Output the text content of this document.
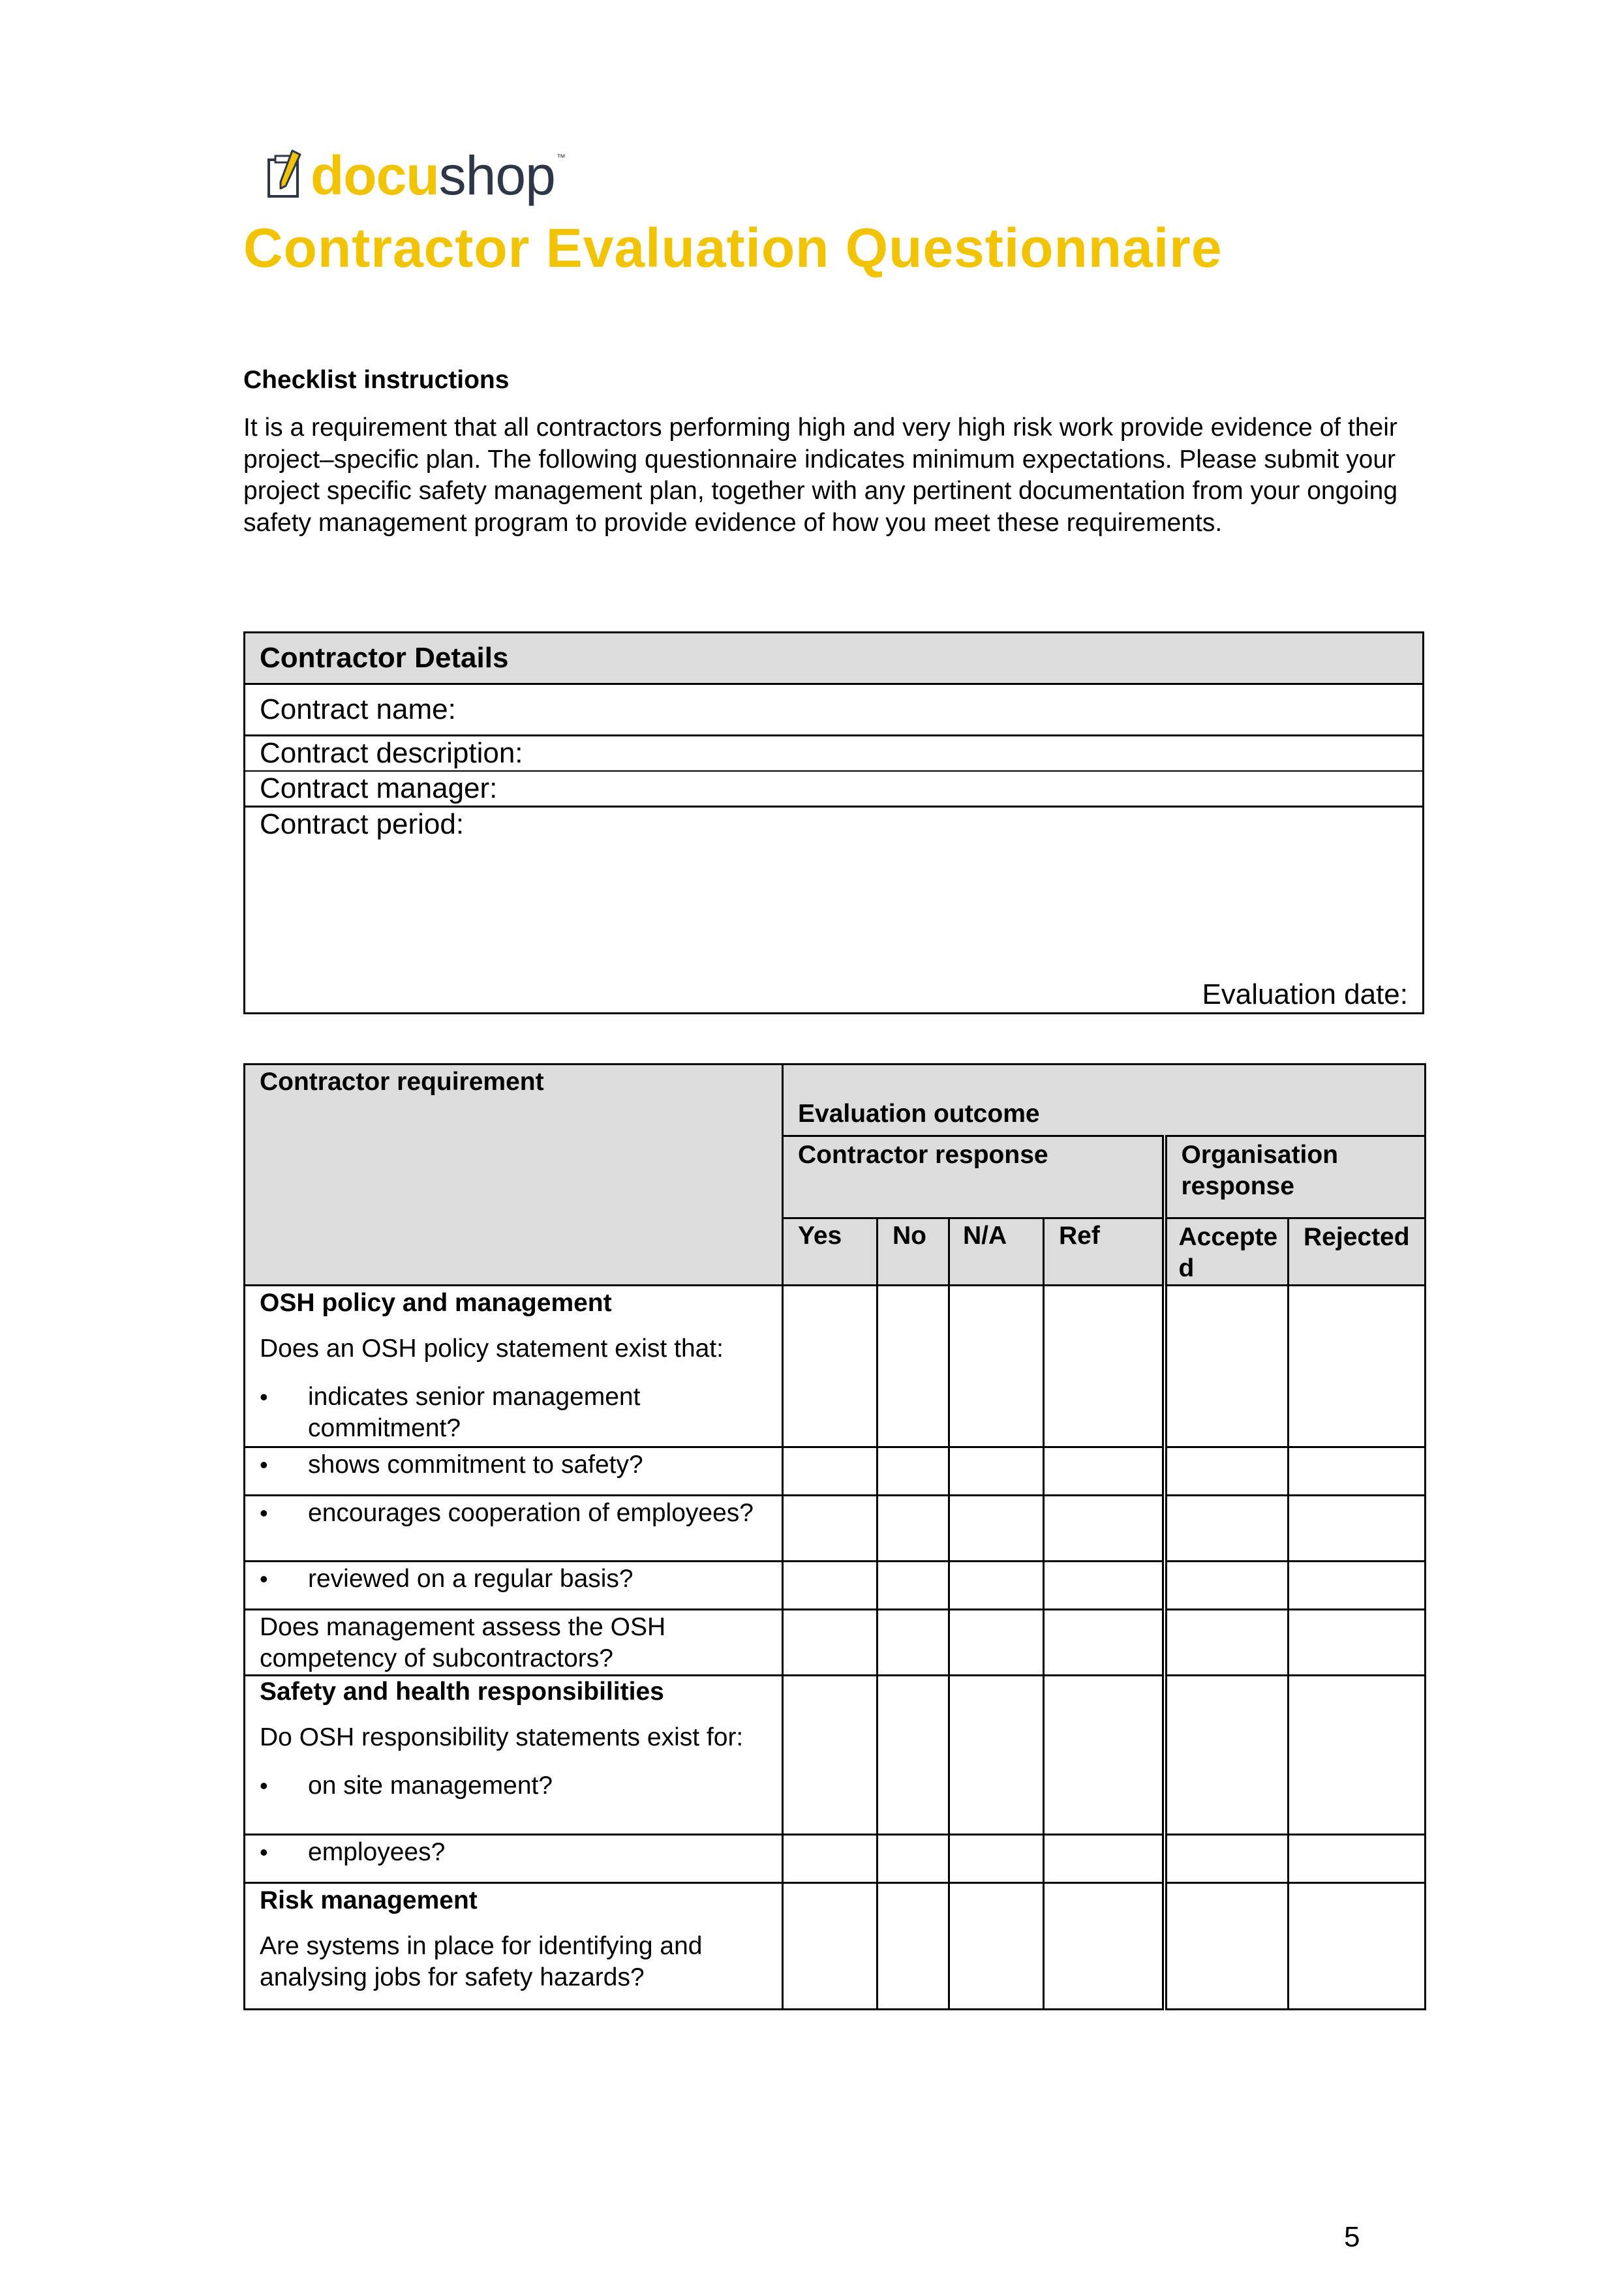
docushop ™
Contractor Evaluation Questionnaire
Checklist instructions

It is a requirement that all contractors performing high and very high risk work provide evidence of their project–specific plan. The following questionnaire indicates minimum expectations. Please submit your project specific safety management plan, together with any pertinent documentation from your ongoing safety management program to provide evidence of how you meet these requirements.

Contractor Details
Contract name:
Contract description:
Contract manager:
Contract period:
Evaluation date:
Contractor requirement	Evaluation outcome					
	Contractor response				Organisation response	
	Yes	No	N/A	Ref	Accepte d	Rejected

OSH policy and management
Does an OSH policy statement exist that:
• indicates senior management commitment?

• shows commitment to safety?

• encourages cooperation of employees?

• reviewed on a regular basis?

Does management assess the OSH competency of subcontractors?						

Safety and health responsibilities
Do OSH responsibility statements exist for:
• on site management?

• employees?

Risk management
Are systems in place for identifying and analysing jobs for safety hazards?						

5
